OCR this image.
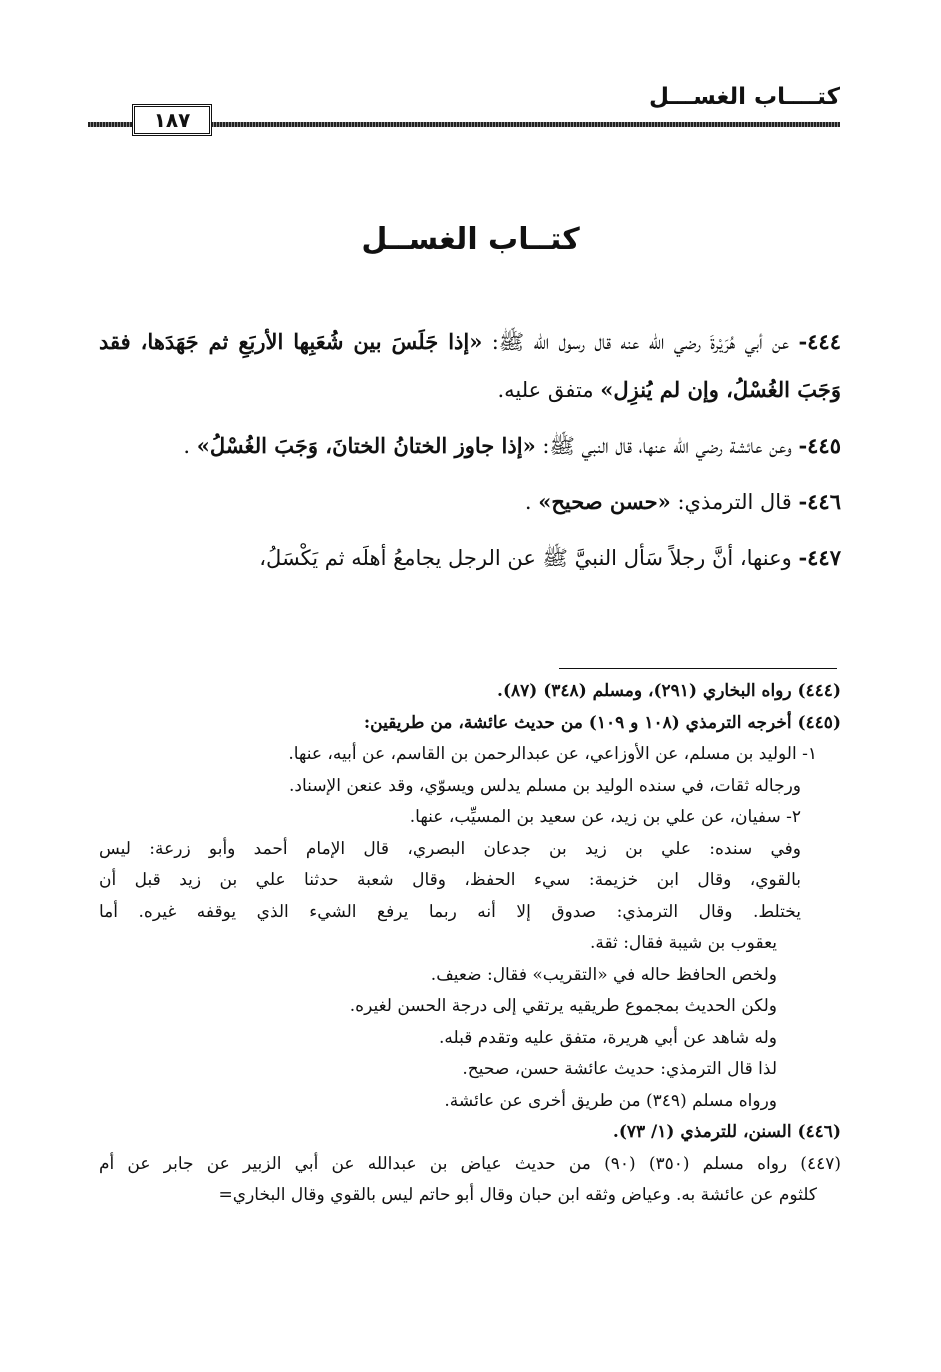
كتــــاب الغســـل
١٨٧
كتــاب الغســل

٤٤٤- عن أبي هُرَيْرةَ رضي الله عنه قال رسول الله ﷺ: «إذا جَلَسَ بين شُعَبِها الأربَعِ ثم جَهَدَها، فقد وَجَبَ الغُسْلُ، وإن لم يُنزِل» متفق عليه.

٤٤٥- وعن عائشة رضي الله عنها، قال النبي ﷺ: «إذا جاوز الختانُ الختانَ، وَجَبَ الغُسْلُ» .

٤٤٦- قال الترمذي: «حسن صحيح» .

٤٤٧- وعنها، أنَّ رجلاً سَأل النبيَّ ﷺ عن الرجل يجامعُ أهلَه ثم يَكْسَلُ،

(٤٤٤) رواه البخاري (٢٩١)، ومسلم (٣٤٨) (٨٧).
(٤٤٥) أخرجه الترمذي (١٠٨ و ١٠٩) من حديث عائشة، من طريقين:
١- الوليد بن مسلم، عن الأوزاعي، عن عبدالرحمن بن القاسم، عن أبيه، عنها.
ورجاله ثقات، في سنده الوليد بن مسلم يدلس ويسوّي، وقد عنعن الإسناد.
٢- سفيان، عن علي بن زيد، عن سعيد بن المسيِّب، عنها.
وفي سنده: علي بن زيد بن جدعان البصري، قال الإمام أحمد وأبو زرعة: ليس
بالقوي، وقال ابن خزيمة: سيء الحفظ، وقال شعبة حدثنا علي بن زيد قبل أن
يختلط. وقال الترمذي: صدوق إلا أنه ربما يرفع الشيء الذي يوقفه غيره. أما
يعقوب بن شيبة فقال: ثقة.
ولخص الحافظ حاله في «التقريب» فقال: ضعيف.
ولكن الحديث بمجموع طريقيه يرتقي إلى درجة الحسن لغيره.
وله شاهد عن أبي هريرة، متفق عليه وتقدم قبله.
لذا قال الترمذي: حديث عائشة حسن، صحيح.
ورواه مسلم (٣٤٩) من طريق أخرى عن عائشة.
(٤٤٦) السنن، للترمذي (١/ ٧٣).
(٤٤٧) رواه مسلم (٣٥٠) (٩٠) من حديث عياض بن عبدالله عن أبي الزبير عن جابر عن أم
كلثوم عن عائشة به. وعياض وثقه ابن حبان وقال أبو حاتم ليس بالقوي وقال البخاري=
